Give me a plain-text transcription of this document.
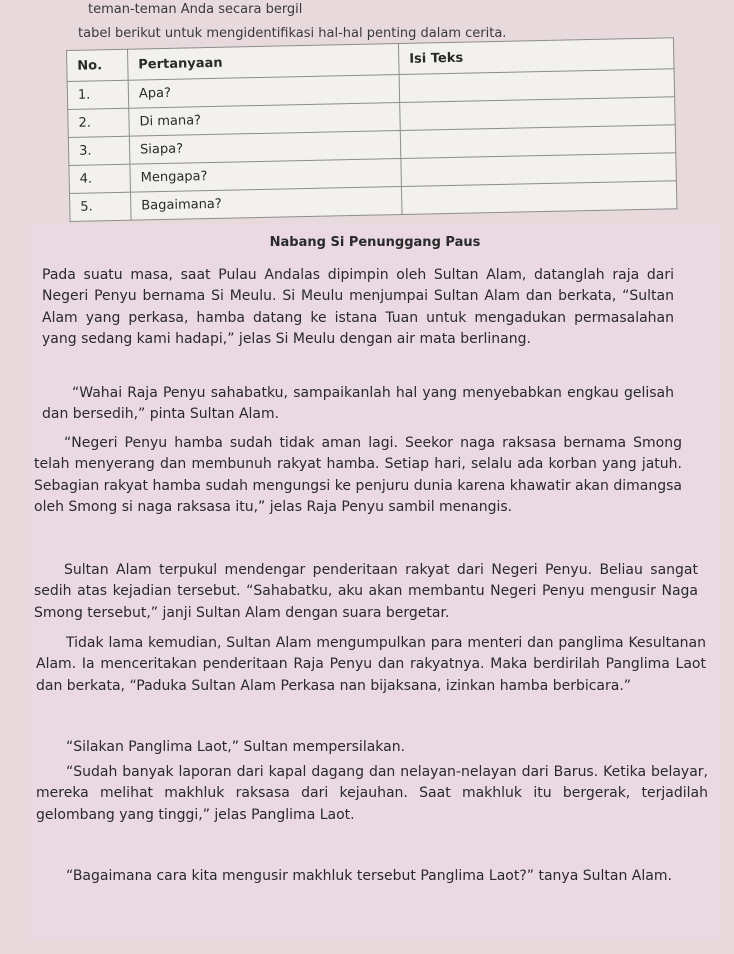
teman-teman Anda secara bergil
tabel berikut untuk mengidentifikasi hal-hal penting dalam cerita.
No.	Pertanyaan	Isi Teks
1.	Apa?	
2.	Di mana?	
3.	Siapa?	
4.	Mengapa?	
5.	Bagaimana?	
Nabang Si Penunggang Paus

Pada suatu masa, saat Pulau Andalas dipimpin oleh Sultan Alam, datanglah raja dari Negeri Penyu bernama Si Meulu. Si Meulu menjumpai Sultan Alam dan berkata, “Sultan Alam yang perkasa, hamba datang ke istana Tuan untuk mengadukan permasalahan yang sedang kami hadapi,” jelas Si Meulu dengan air mata berlinang.

“Wahai Raja Penyu sahabatku, sampaikanlah hal yang menyebabkan engkau gelisah dan bersedih,” pinta Sultan Alam.

“Negeri Penyu hamba sudah tidak aman lagi. Seekor naga raksasa bernama Smong telah menyerang dan membunuh rakyat hamba. Setiap hari, selalu ada korban yang jatuh. Sebagian rakyat hamba sudah mengungsi ke penjuru dunia karena khawatir akan dimangsa oleh Smong si naga raksasa itu,” jelas Raja Penyu sambil menangis.

Sultan Alam terpukul mendengar penderitaan rakyat dari Negeri Penyu. Beliau sangat sedih atas kejadian tersebut. “Sahabatku, aku akan membantu Negeri Penyu mengusir Naga Smong tersebut,” janji Sultan Alam dengan suara bergetar.

Tidak lama kemudian, Sultan Alam mengumpulkan para menteri dan panglima Kesultanan Alam. Ia menceritakan penderitaan Raja Penyu dan rakyatnya. Maka berdirilah Panglima Laot dan berkata, “Paduka Sultan Alam Perkasa nan bijaksana, izinkan hamba berbicara.”

“Silakan Panglima Laot,” Sultan mempersilakan.

“Sudah banyak laporan dari kapal dagang dan nelayan-nelayan dari Barus. Ketika belayar, mereka melihat makhluk raksasa dari kejauhan. Saat makhluk itu bergerak, terjadilah gelombang yang tinggi,” jelas Panglima Laot.

“Bagaimana cara kita mengusir makhluk tersebut Panglima Laot?” tanya Sultan Alam.
